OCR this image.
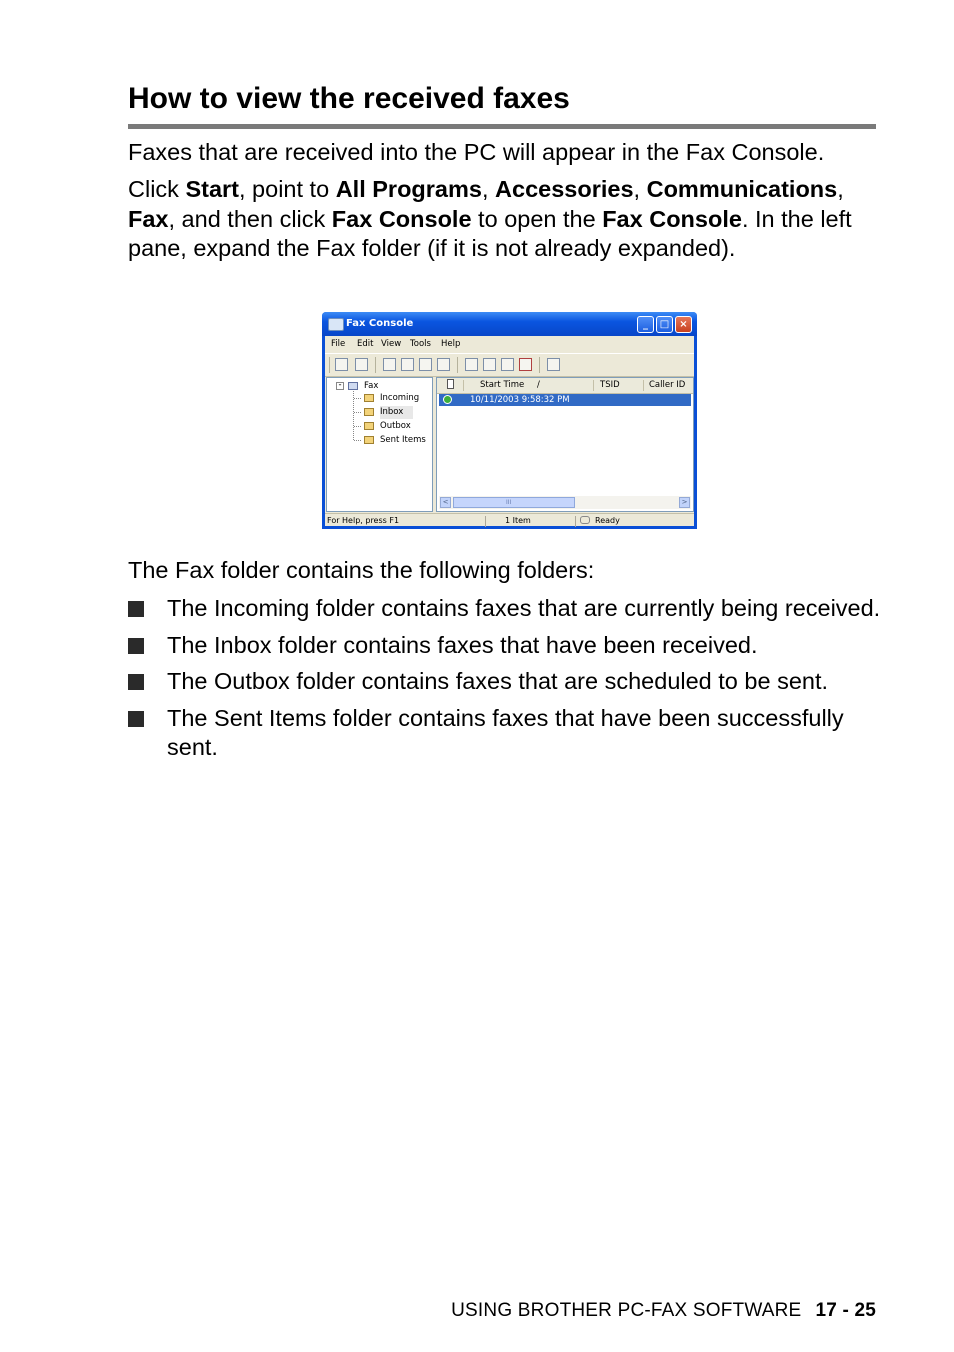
How to view the received faxes
Faxes that are received into the PC will appear in the Fax Console.
Click Start, point to All Programs, Accessories, Communications, Fax, and then click Fax Console to open the Fax Console. In the left pane, expand the Fax folder (if it is not already expanded).
Fax Console	_	□	×
File Edit View Tools Help
-	Fax
Incoming
Inbox
Outbox
Sent Items
Start Time /	TSID	Caller ID
10/11/2003 9:58:32 PM
<	III	>
For Help, press F1	1 Item	Ready
The Fax folder contains the following folders:
The Incoming folder contains faxes that are currently being received.
The Inbox folder contains faxes that have been received.
The Outbox folder contains faxes that are scheduled to be sent.
The Sent Items folder contains faxes that have been successfully sent.
USING BROTHER PC-FAX SOFTWARE 17 - 25
